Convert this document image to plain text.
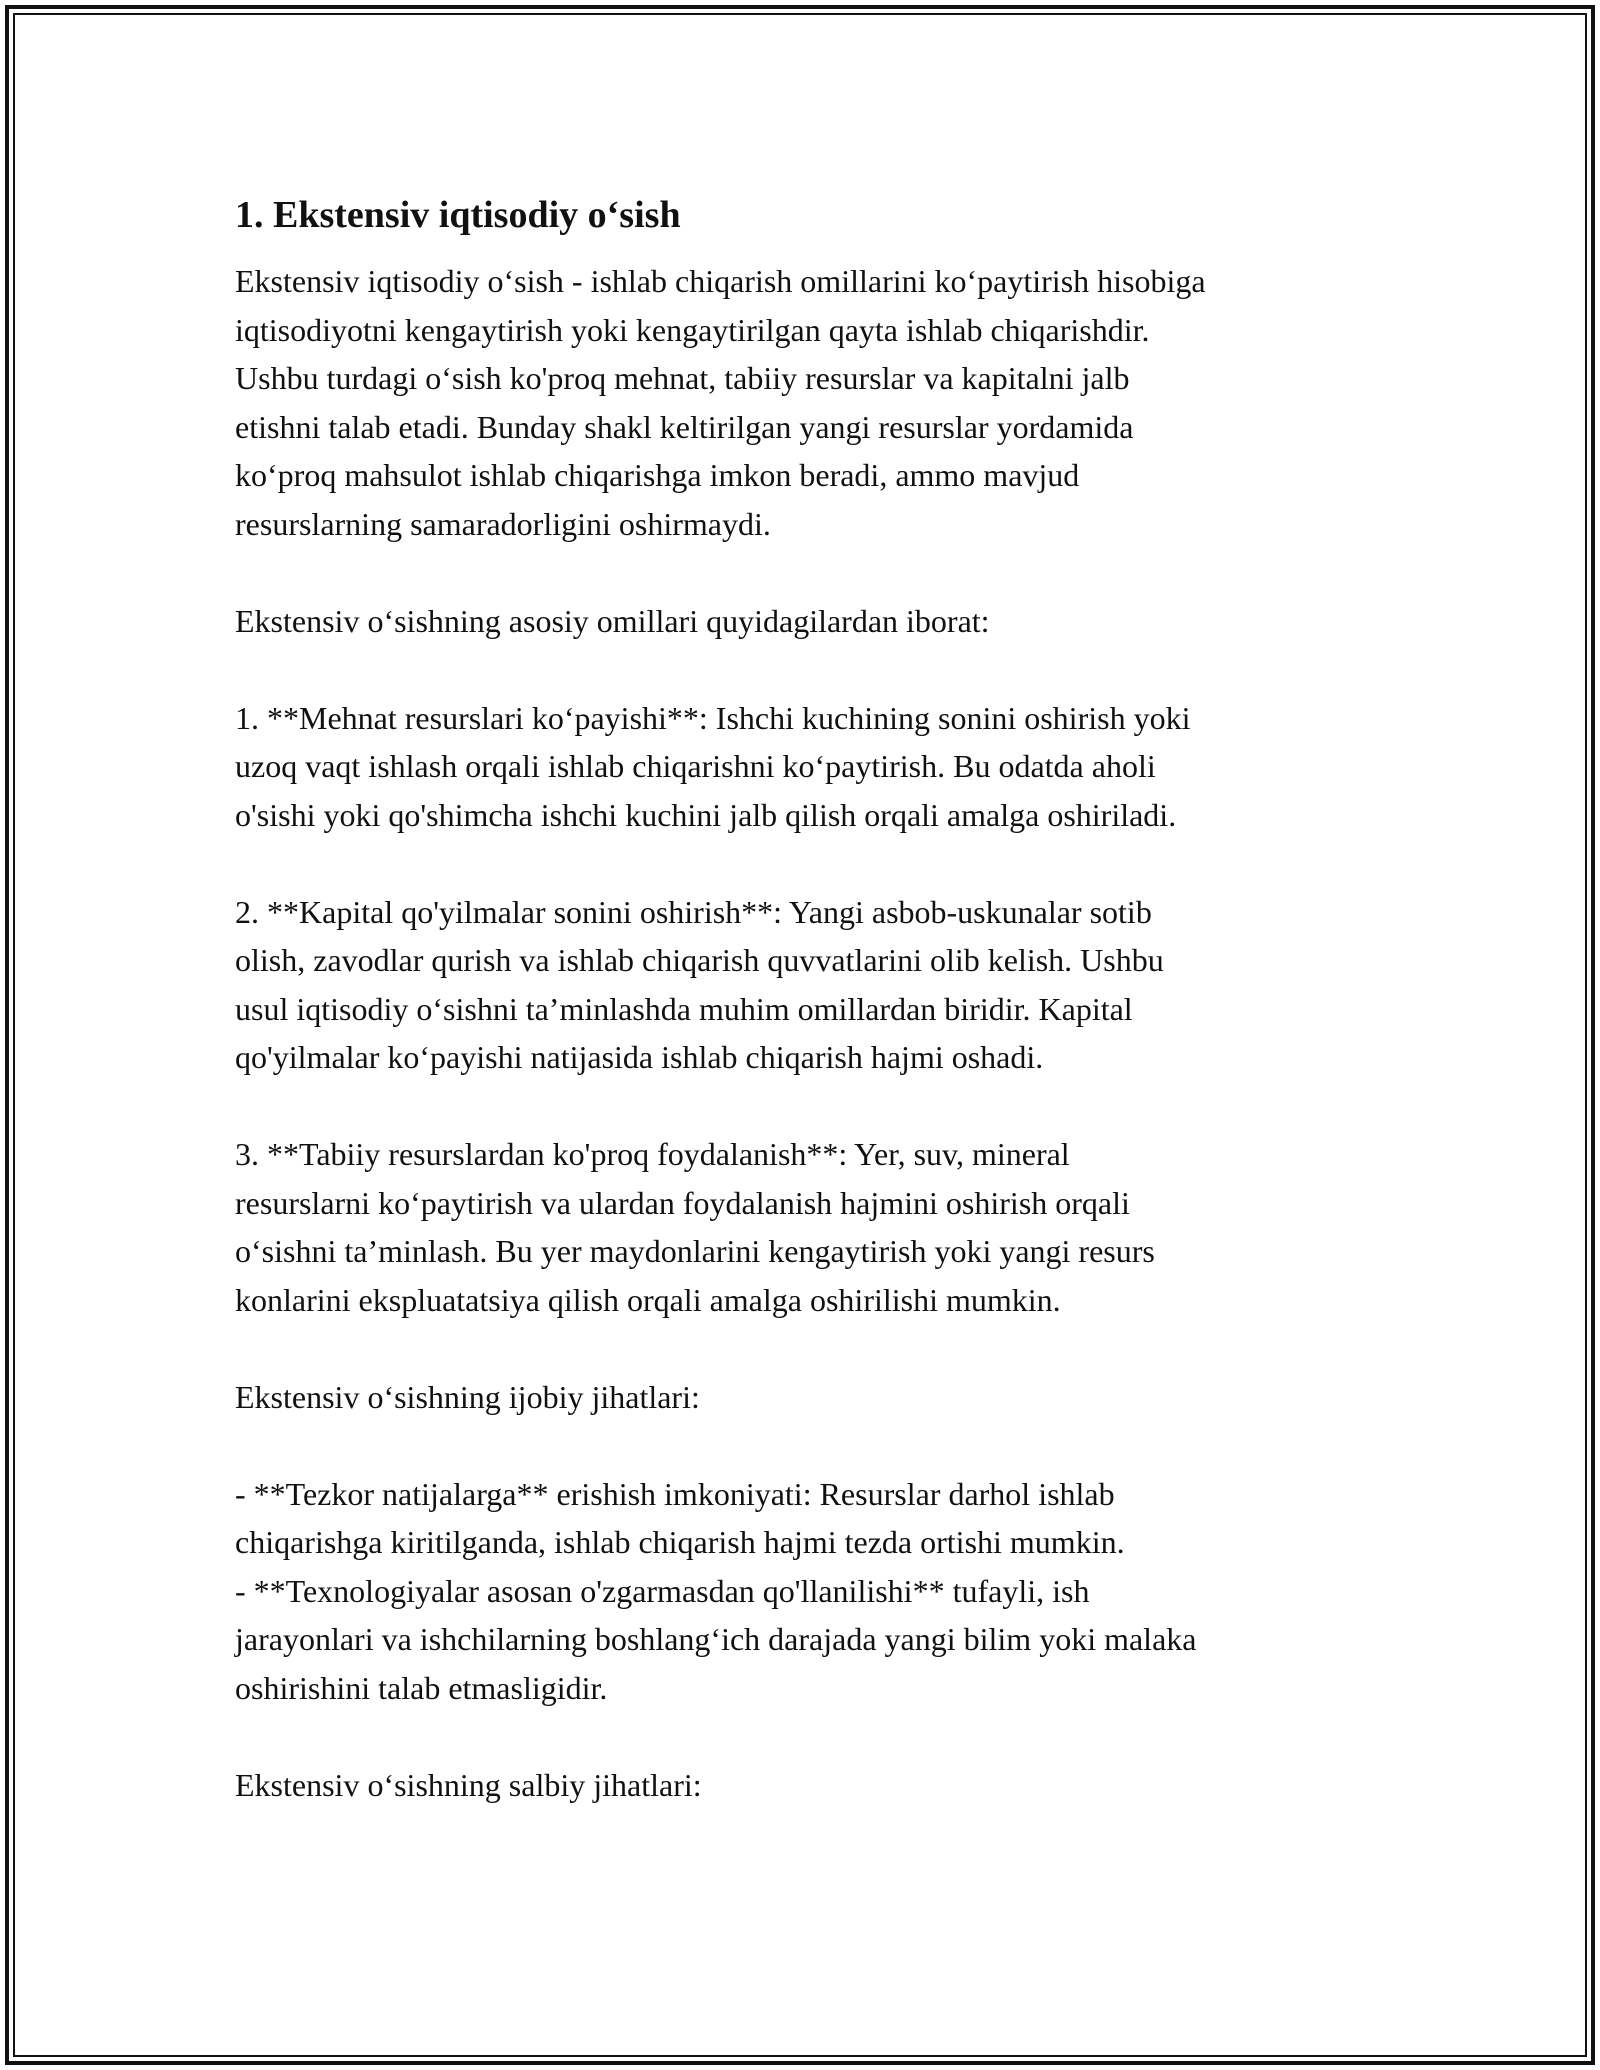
1. Ekstensiv iqtisodiy o‘sish

Ekstensiv iqtisodiy o‘sish - ishlab chiqarish omillarini ko‘paytirish hisobiga
iqtisodiyotni kengaytirish yoki kengaytirilgan qayta ishlab chiqarishdir.
Ushbu turdagi o‘sish ko'proq mehnat, tabiiy resurslar va kapitalni jalb
etishni talab etadi. Bunday shakl keltirilgan yangi resurslar yordamida
ko‘proq mahsulot ishlab chiqarishga imkon beradi, ammo mavjud
resurslarning samaradorligini oshirmaydi.

Ekstensiv o‘sishning asosiy omillari quyidagilardan iborat:

1. **Mehnat resurslari ko‘payishi**: Ishchi kuchining sonini oshirish yoki
uzoq vaqt ishlash orqali ishlab chiqarishni ko‘paytirish. Bu odatda aholi
o'sishi yoki qo'shimcha ishchi kuchini jalb qilish orqali amalga oshiriladi.

2. **Kapital qo'yilmalar sonini oshirish**: Yangi asbob-uskunalar sotib
olish, zavodlar qurish va ishlab chiqarish quvvatlarini olib kelish. Ushbu
usul iqtisodiy o‘sishni ta’minlashda muhim omillardan biridir. Kapital
qo'yilmalar ko‘payishi natijasida ishlab chiqarish hajmi oshadi.

3. **Tabiiy resurslardan ko'proq foydalanish**: Yer, suv, mineral
resurslarni ko‘paytirish va ulardan foydalanish hajmini oshirish orqali
o‘sishni ta’minlash. Bu yer maydonlarini kengaytirish yoki yangi resurs
konlarini ekspluatatsiya qilish orqali amalga oshirilishi mumkin.

Ekstensiv o‘sishning ijobiy jihatlari:

- **Tezkor natijalarga** erishish imkoniyati: Resurslar darhol ishlab
chiqarishga kiritilganda, ishlab chiqarish hajmi tezda ortishi mumkin.
- **Texnologiyalar asosan o'zgarmasdan qo'llanilishi** tufayli, ish
jarayonlari va ishchilarning boshlang‘ich darajada yangi bilim yoki malaka
oshirishini talab etmasligidir.

Ekstensiv o‘sishning salbiy jihatlari:
